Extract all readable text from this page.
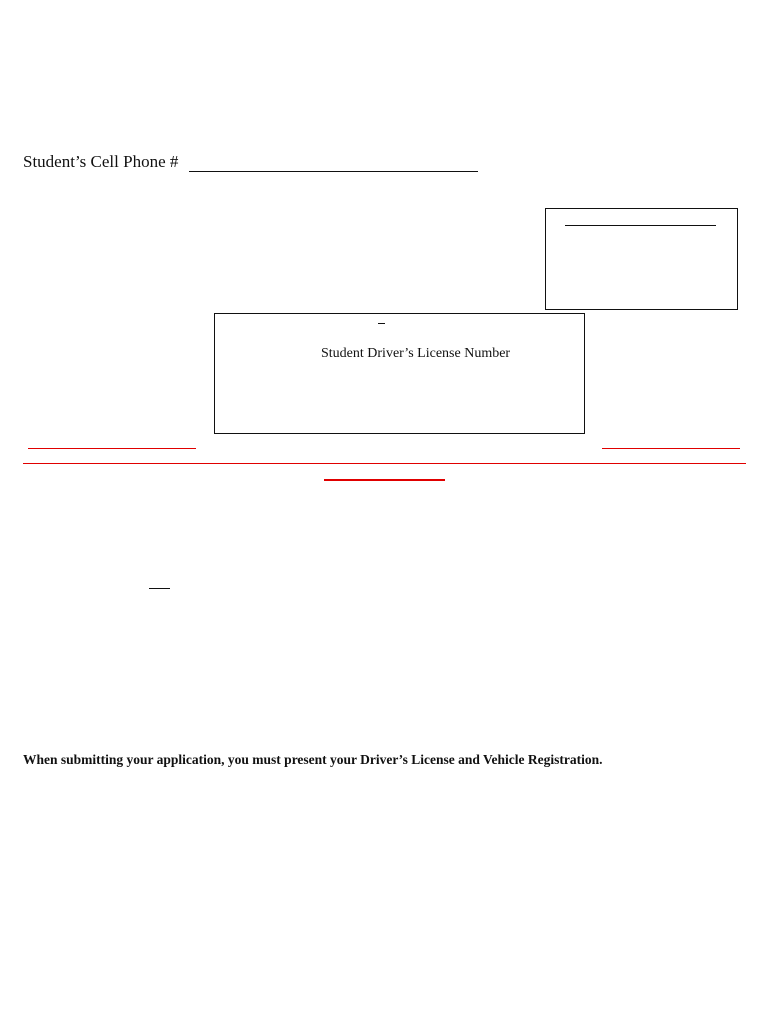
Student’s Cell Phone #
Student Driver’s License Number
When submitting your application, you must present your Driver’s License and Vehicle Registration.
